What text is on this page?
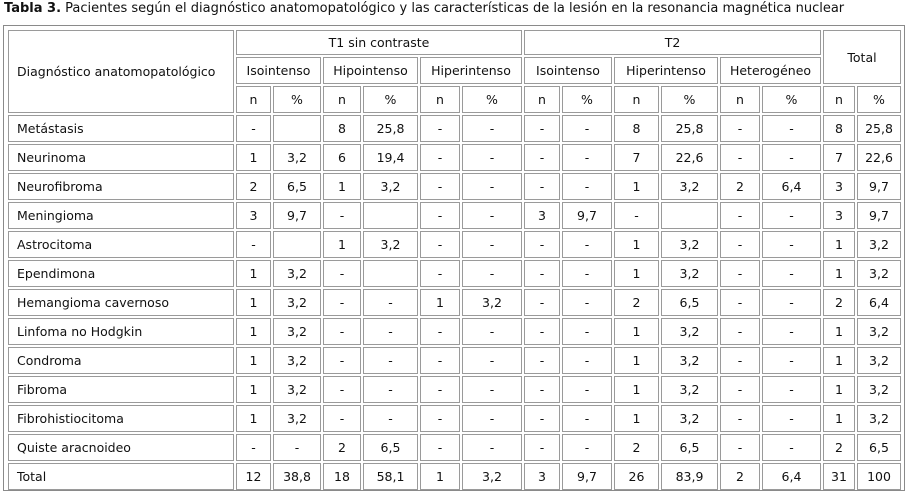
Tabla 3. Pacientes según el diagnóstico anatomopatológico y las características de la lesión en la resonancia magnética nuclear
Diagnóstico anatomopatológico	T1 sin contraste						T2						Total	
	Isointenso		Hipointenso		Hiperintenso		Isointenso		Hiperintenso		Heterogéneo			
	n	%	n	%	n	%	n	%	n	%	n	%	n	%
Metástasis	-		8	25,8	-	-	-	-	8	25,8	-	-	8	25,8
Neurinoma	1	3,2	6	19,4	-	-	-	-	7	22,6	-	-	7	22,6
Neurofibroma	2	6,5	1	3,2	-	-	-	-	1	3,2	2	6,4	3	9,7
Meningioma	3	9,7	-		-	-	3	9,7	-		-	-	3	9,7
Astrocitoma	-		1	3,2	-	-	-	-	1	3,2	-	-	1	3,2
Ependimona	1	3,2	-		-	-	-	-	1	3,2	-	-	1	3,2
Hemangioma cavernoso	1	3,2	-	-	1	3,2	-	-	2	6,5	-	-	2	6,4
Linfoma no Hodgkin	1	3,2	-	-	-	-	-	-	1	3,2	-	-	1	3,2
Condroma	1	3,2	-	-	-	-	-	-	1	3,2	-	-	1	3,2
Fibroma	1	3,2	-	-	-	-	-	-	1	3,2	-	-	1	3,2
Fibrohistiocitoma	1	3,2	-	-	-	-	-	-	1	3,2	-	-	1	3,2
Quiste aracnoideo	-	-	2	6,5	-	-	-	-	2	6,5	-	-	2	6,5
Total	12	38,8	18	58,1	1	3,2	3	9,7	26	83,9	2	6,4	31	100
